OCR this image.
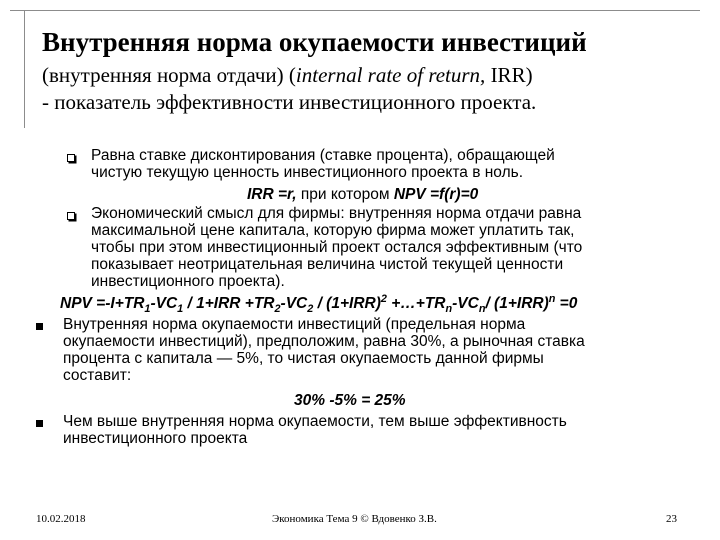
Внутренняя норма окупаемости инвестиций
(внутренняя норма отдачи) (internal rate of return, IRR)
- показатель эффективности инвестиционного проекта.
Равна ставке дисконтирования (ставке процента), обращающей
чистую текущую ценность инвестиционного проекта в ноль.
IRR =r, при котором NPV =f(r)=0
Экономический смысл для фирмы: внутренняя норма отдачи равна
максимальной цене капитала, которую фирма может уплатить так,
чтобы при этом инвестиционный проект остался эффективным (что
показывает неотрицательная величина чистой текущей ценности
инвестиционного проекта).
NPV $=-I+TR_1-VC_1 / 1+IRR +TR_2-VC_2 / (1+IRR)^2$ $+\dots+TR_n-VC_n/$ $(1+IRR)^n =0$
Внутренняя норма окупаемости инвестиций (предельная норма
окупаемости инвестиций), предположим, равна 30%, а рыночная ставка
процента с капитала — 5%, то чистая окупаемость данной фирмы
составит:
30% -5% = 25%
Чем выше внутренняя норма окупаемости, тем выше эффективность
инвестиционного проекта
10.02.2018	Экономика Тема 9 © Вдовенко З.В.	23
